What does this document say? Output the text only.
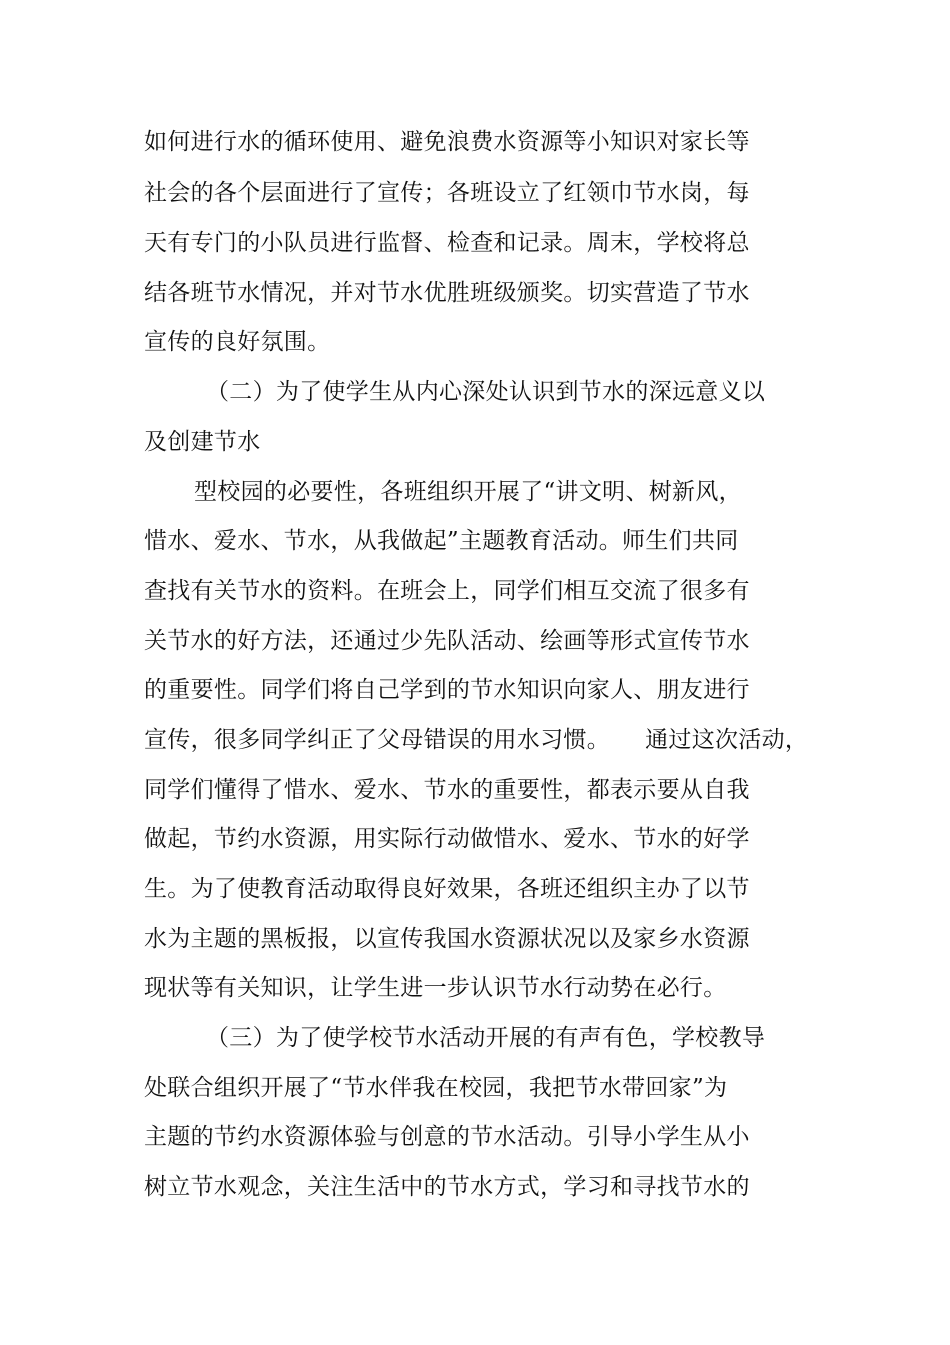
如何进行水的循环使用、避免浪费水资源等小知识对家长等
社会的各个层面进行了宣传；各班设立了红领巾节水岗，每
天有专门的小队员进行监督、检查和记录。周末，学校将总
结各班节水情况，并对节水优胜班级颁奖。切实营造了节水
宣传的良好氛围。
（二）为了使学生从内心深处认识到节水的深远意义以
及创建节水
型校园的必要性，各班组织开展了“讲文明、树新风，
惜水、爱水、节水，从我做起”主题教育活动。师生们共同
查找有关节水的资料。在班会上，同学们相互交流了很多有
关节水的好方法，还通过少先队活动、绘画等形式宣传节水
的重要性。同学们将自己学到的节水知识向家人、朋友进行
宣传，很多同学纠正了父母错误的用水习惯。　　通过这次活动，
同学们懂得了惜水、爱水、节水的重要性，都表示要从自我
做起，节约水资源，用实际行动做惜水、爱水、节水的好学
生。为了使教育活动取得良好效果，各班还组织主办了以节
水为主题的黑板报，以宣传我国水资源状况以及家乡水资源
现状等有关知识，让学生进一步认识节水行动势在必行。
（三）为了使学校节水活动开展的有声有色，学校教导
处联合组织开展了“节水伴我在校园，我把节水带回家”为
主题的节约水资源体验与创意的节水活动。引导小学生从小
树立节水观念，关注生活中的节水方式，学习和寻找节水的
